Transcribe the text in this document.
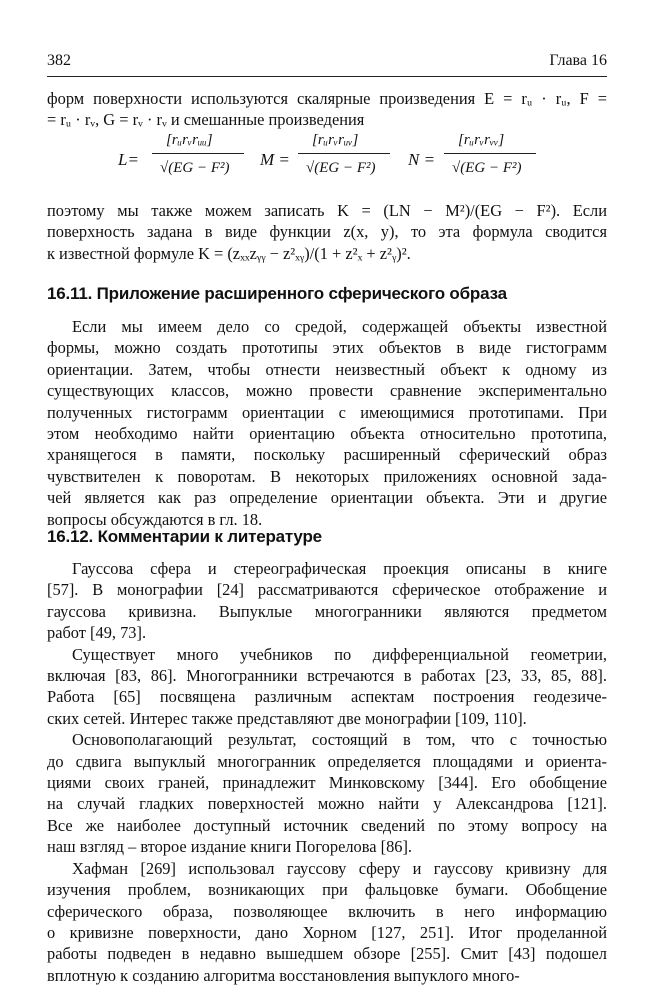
382	Глава 16
форм поверхности используются скалярные произведения E = rᵤ · rᵤ, F =
= rᵤ · rᵥ, G = rᵥ · rᵥ и смешанные произведения
L=
[rᵤrᵥrᵤᵤ]
√(EG − F²) M =
[rᵤrᵥrᵤᵥ]
√(EG − F²) N =
[rᵤrᵥrᵥᵥ]
√(EG − F²)
поэтому мы также можем записать K = (LN − M²)/(EG − F²). Если
поверхность задана в виде функции z(x, y), то эта формула сводится
к известной формуле K = (zₓₓzᵧᵧ − z²ₓᵧ)/(1 + z²ₓ + z²ᵧ)².
16.11. Приложение расширенного сферического образа
Если мы имеем дело со средой, содержащей объекты известной
формы, можно создать прототипы этих объектов в виде гистограмм
ориентации. Затем, чтобы отнести неизвестный объект к одному из
существующих классов, можно провести сравнение экспериментально
полученных гистограмм ориентации с имеющимися прототипами. При
этом необходимо найти ориентацию объекта относительно прототипа,
хранящегося в памяти, поскольку расширенный сферический образ
чувствителен к поворотам. В некоторых приложениях основной зада-
чей является как раз определение ориентации объекта. Эти и другие
вопросы обсуждаются в гл. 18.
16.12. Комментарии к литературе
Гауссова сфера и стереографическая проекция описаны в книге
[57]. В монографии [24] рассматриваются сферическое отображение и
гауссова кривизна. Выпуклые многогранники являются предметом
работ [49, 73].
Существует много учебников по дифференциальной геометрии,
включая [83, 86]. Многогранники встречаются в работах [23, 33, 85, 88].
Работа [65] посвящена различным аспектам построения геодезиче-
ских сетей. Интерес также представляют две монографии [109, 110].
Основополагающий результат, состоящий в том, что с точностью
до сдвига выпуклый многогранник определяется площадями и ориента-
циями своих граней, принадлежит Минковскому [344]. Его обобщение
на случай гладких поверхностей можно найти у Александрова [121].
Все же наиболее доступный источник сведений по этому вопросу на
наш взгляд – второе издание книги Погорелова [86].
Хафман [269] использовал гауссову сферу и гауссову кривизну для
изучения проблем, возникающих при фальцовке бумаги. Обобщение
сферического образа, позволяющее включить в него информацию
о кривизне поверхности, дано Хорном [127, 251]. Итог проделанной
работы подведен в недавно вышедшем обзоре [255]. Смит [43] подошел
вплотную к созданию алгоритма восстановления выпуклого много-
